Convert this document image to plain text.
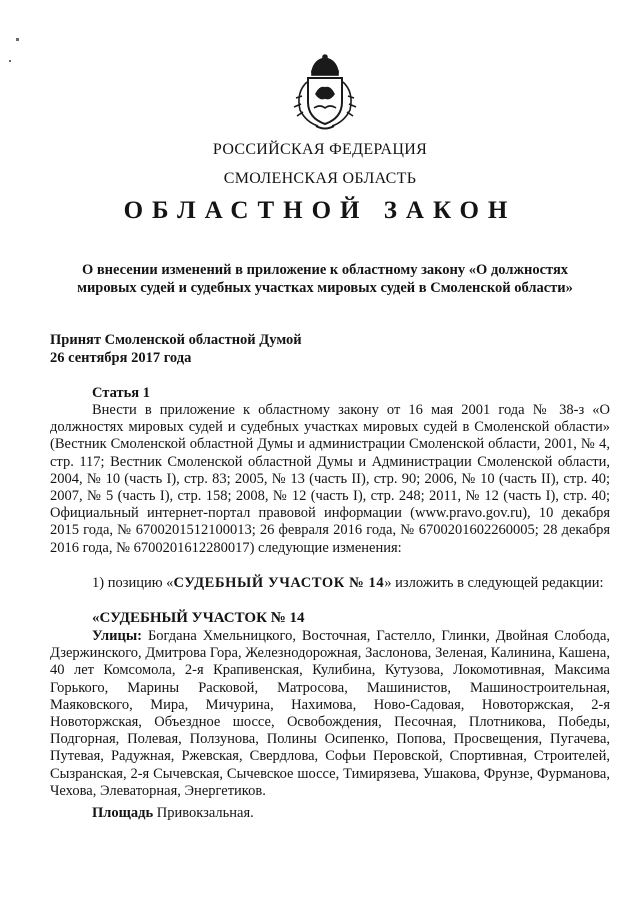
РОССИЙСКАЯ ФЕДЕРАЦИЯ
СМОЛЕНСКАЯ ОБЛАСТЬ
ОБЛАСТНОЙ ЗАКОН
О внесении изменений в приложение к областному закону «О должностях мировых судей и судебных участках мировых судей в Смоленской области»
Принят Смоленской областной Думой
26 сентября 2017 года
Статья 1
Внести в приложение к областному закону от 16 мая 2001 года № 38-з «О должностях мировых судей и судебных участках мировых судей в Смоленской области» (Вестник Смоленской областной Думы и администрации Смоленской области, 2001, № 4, стр. 117; Вестник Смоленской областной Думы и Администрации Смоленской области, 2004, № 10 (часть I), стр. 83; 2005, № 13 (часть II), стр. 90; 2006, № 10 (часть II), стр. 40; 2007, № 5 (часть I), стр. 158; 2008, № 12 (часть I), стр. 248; 2011, № 12 (часть I), стр. 40; Официальный интернет-портал правовой информации (www.pravo.gov.ru), 10 декабря 2015 года, № 6700201512100013; 26 февраля 2016 года, № 6700201602260005; 28 декабря 2016 года, № 6700201612280017) следующие изменения:
1) позицию «СУДЕБНЫЙ УЧАСТОК № 14» изложить в следующей редакции:
«СУДЕБНЫЙ УЧАСТОК № 14
Улицы: Богдана Хмельницкого, Восточная, Гастелло, Глинки, Двойная Слобода, Дзержинского, Дмитрова Гора, Железнодорожная, Заслонова, Зеленая, Калинина, Кашена, 40 лет Комсомола, 2-я Крапивенская, Кулибина, Кутузова, Локомотивная, Максима Горького, Марины Расковой, Матросова, Машинистов, Машиностроительная, Маяковского, Мира, Мичурина, Нахимова, Ново-Садовая, Новоторжская, 2-я Новоторжская, Объездное шоссе, Освобождения, Песочная, Плотникова, Победы, Подгорная, Полевая, Ползунова, Полины Осипенко, Попова, Просвещения, Пугачева, Путевая, Радужная, Ржевская, Свердлова, Софьи Перовской, Спортивная, Строителей, Сызранская, 2-я Сычевская, Сычевское шоссе, Тимирязева, Ушакова, Фрунзе, Фурманова, Чехова, Элеваторная, Энергетиков.
Площадь Привокзальная.
